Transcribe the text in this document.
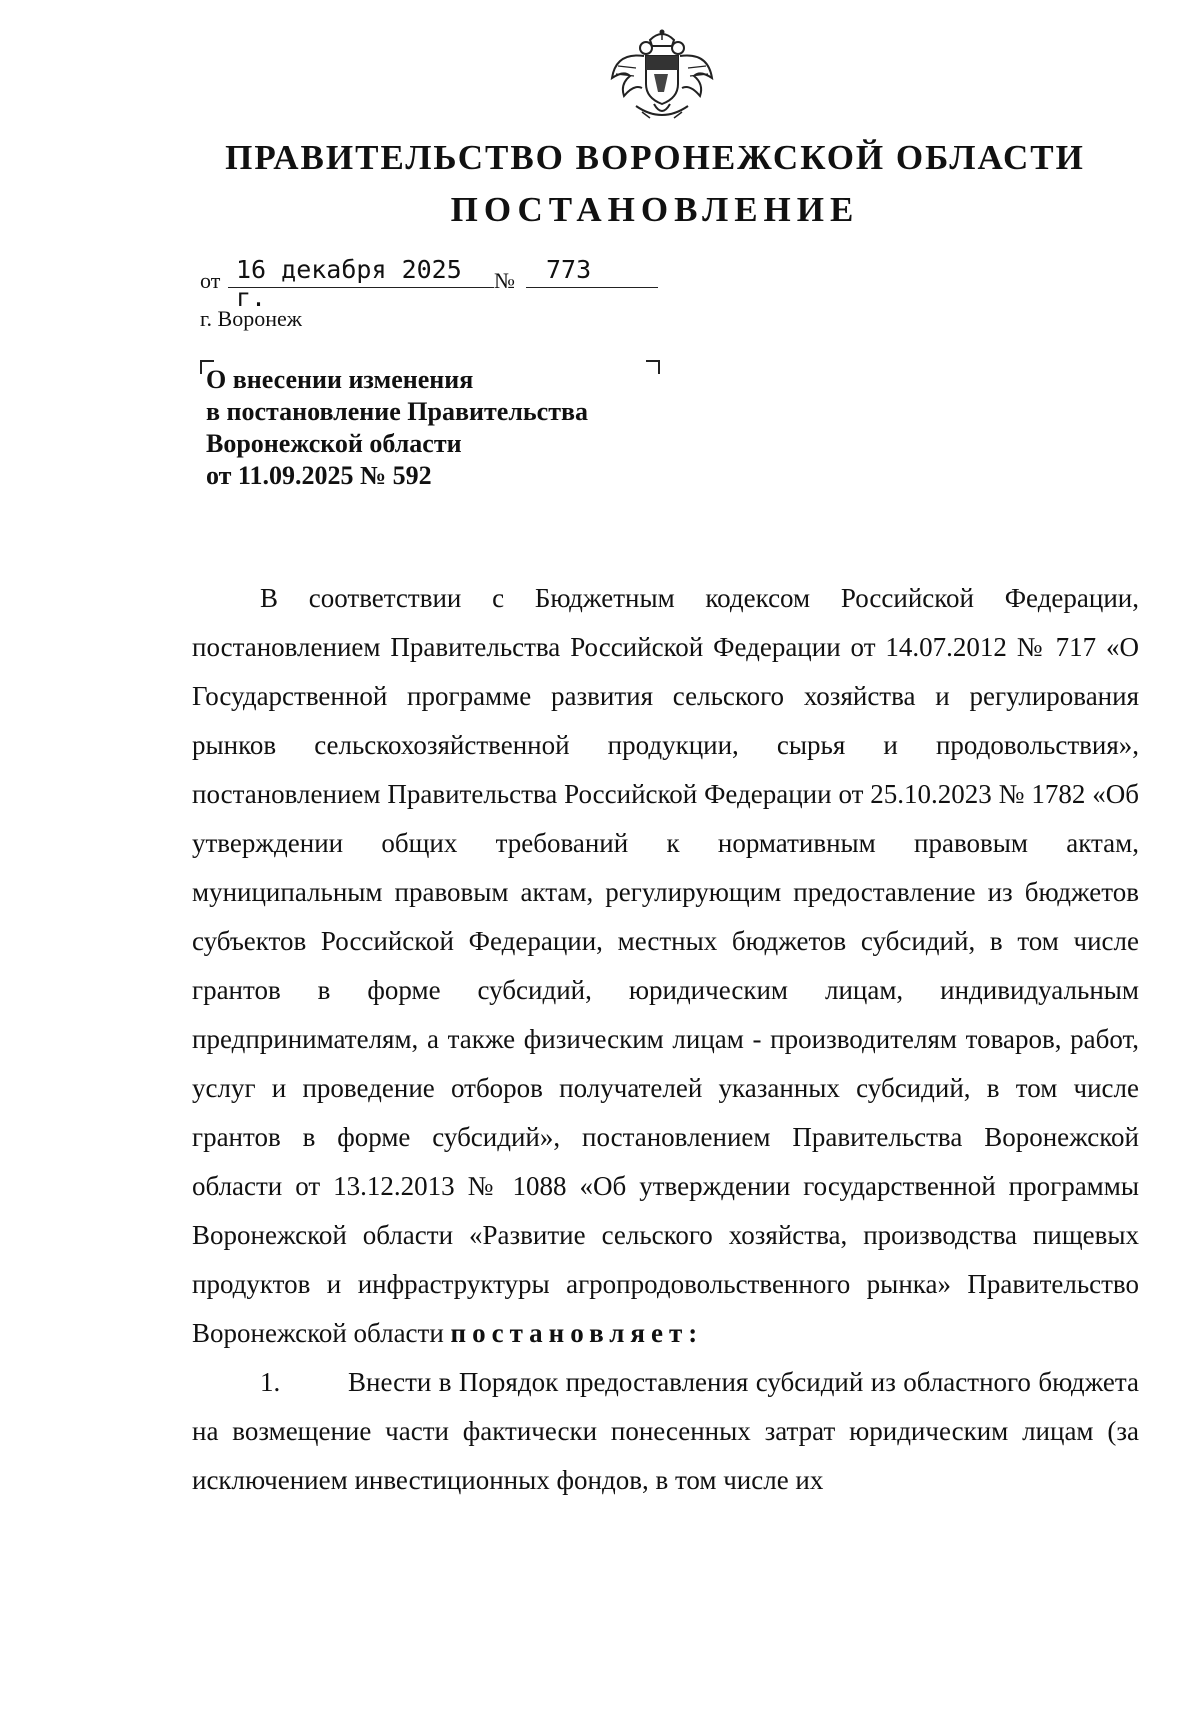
ПРАВИТЕЛЬСТВО ВОРОНЕЖСКОЙ ОБЛАСТИ
ПОСТАНОВЛЕНИЕ
от 16 декабря 2025 г.
№	773
г. Воронеж
О внесении изменения
в постановление Правительства
Воронежской области
от 11.09.2025 № 592

В соответствии с Бюджетным кодексом Российской Федерации, постановлением Правительства Российской Федерации от 14.07.2012 № 717 «О Государственной программе развития сельского хозяйства и регулирования рынков сельскохозяйственной продукции, сырья и продовольствия», постановлением Правительства Российской Федерации от 25.10.2023 № 1782 «Об утверждении общих требований к нормативным правовым актам, муниципальным правовым актам, регулирующим предоставление из бюджетов субъектов Российской Федерации, местных бюджетов субсидий, в том числе грантов в форме субсидий, юридическим лицам, индивидуальным предпринимателям, а также физическим лицам - производителям товаров, работ, услуг и проведение отборов получателей указанных субсидий, в том числе грантов в форме субсидий», постановлением Правительства Воронежской области от 13.12.2013 № 1088 «Об утверждении государственной программы Воронежской области «Развитие сельского хозяйства, производства пищевых продуктов и инфраструктуры агропродовольственного рынка» Правительство Воронежской области постановляет:

1.	Внести в Порядок предоставления субсидий из областного бюджета на возмещение части фактически понесенных затрат юридическим лицам (за исключением инвестиционных фондов, в том числе их
